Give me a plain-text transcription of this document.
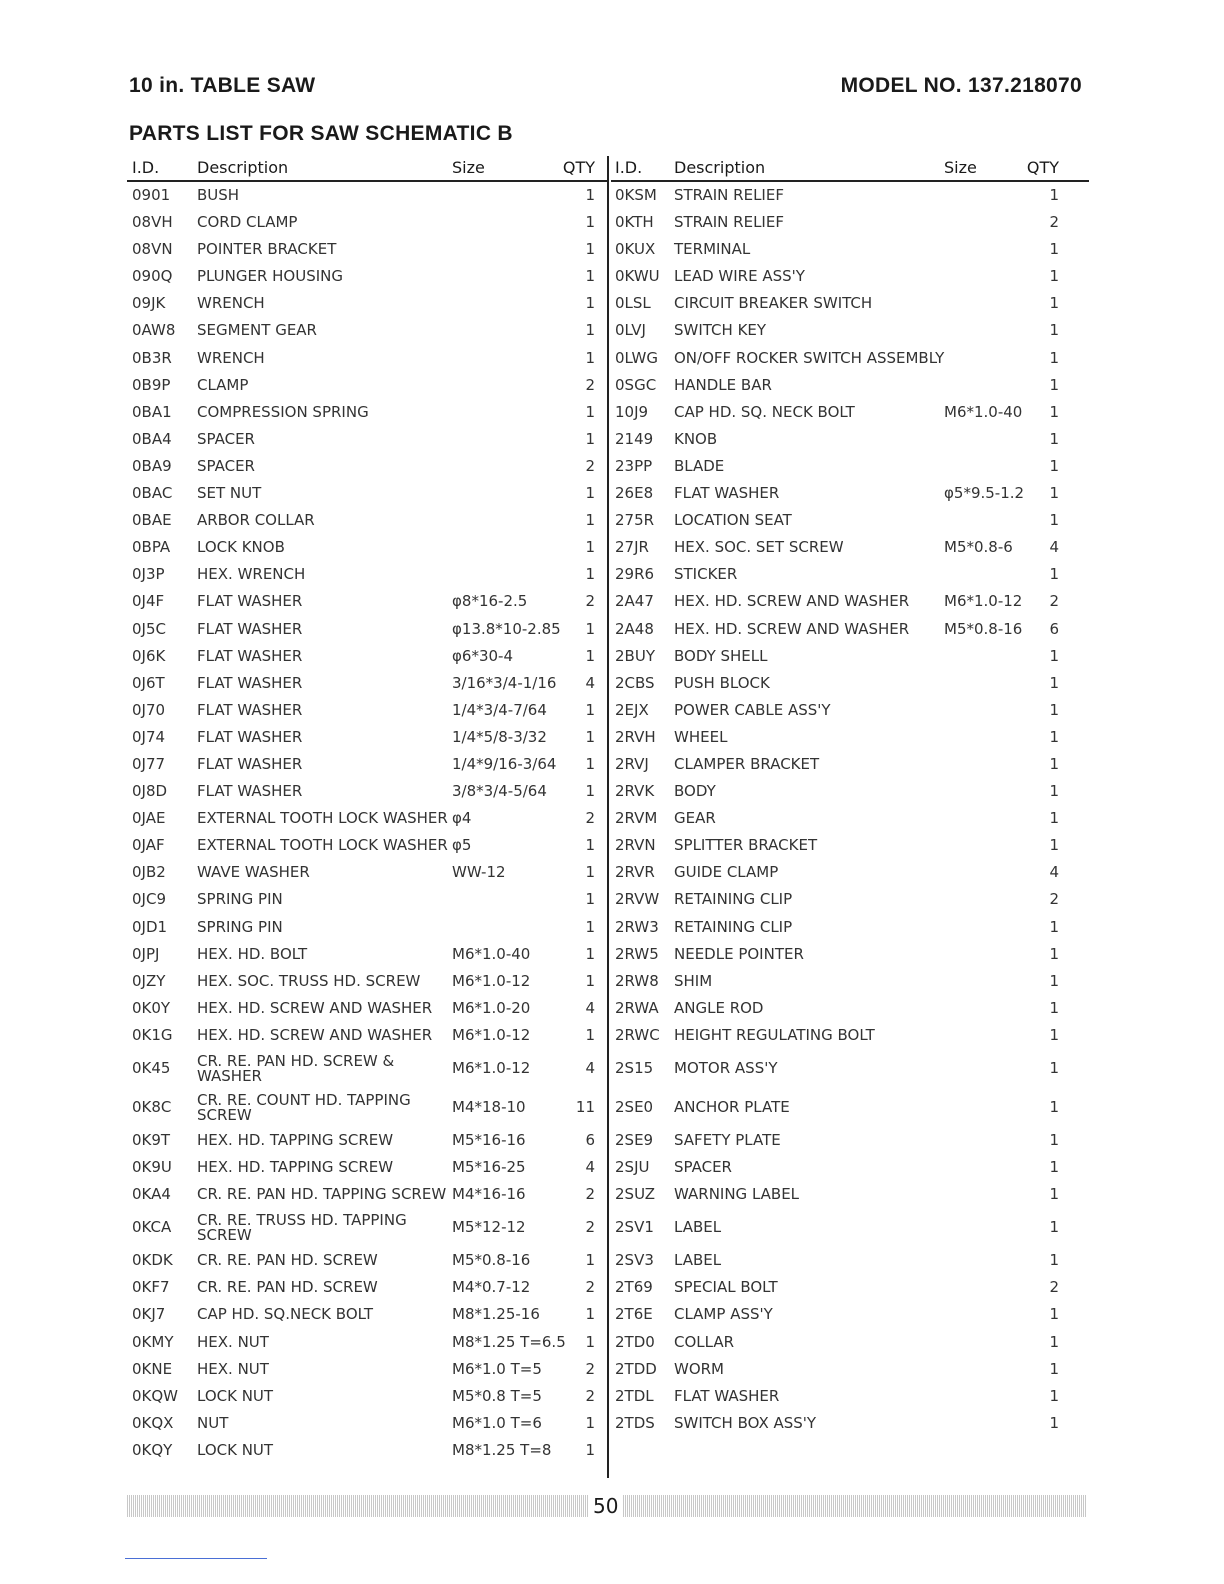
10 in. TABLE SAW	MODEL NO. 137.218070
PARTS LIST FOR SAW SCHEMATIC B
I.D. Description	Size	QTY
0901 BUSH	1
08VH CORD CLAMP	1
08VN POINTER BRACKET	1
090Q PLUNGER HOUSING	1
09JK WRENCH	1
0AW8 SEGMENT GEAR	1
0B3R WRENCH	1
0B9P CLAMP	2
0BA1 COMPRESSION SPRING	1
0BA4 SPACER	1
0BA9 SPACER	2
0BAC SET NUT	1
0BAE ARBOR COLLAR	1
0BPA LOCK KNOB	1
0J3P HEX. WRENCH	1
0J4F FLAT WASHER	φ8*16-2.5	2
0J5C FLAT WASHER	φ13.8*10-2.85 1
0J6K FLAT WASHER	φ6*30-4	1
0J6T FLAT WASHER	3/16*3/4-1/16 4
0J70 FLAT WASHER	1/4*3/4-7/64	1
0J74 FLAT WASHER	1/4*5/8-3/32	1
0J77 FLAT WASHER	1/4*9/16-3/64 1
0J8D FLAT WASHER	3/8*3/4-5/64	1
0JAE EXTERNAL TOOTH LOCK WASHER φ4	2
0JAF EXTERNAL TOOTH LOCK WASHER φ5	1
0JB2 WAVE WASHER	WW-12	1
0JC9 SPRING PIN	1
0JD1 SPRING PIN	1
0JPJ	HEX. HD. BOLT	M6*1.0-40	1
0JZY HEX. SOC. TRUSS HD. SCREW	M6*1.0-12	1
0K0Y HEX. HD. SCREW AND WASHER	M6*1.0-20	4
0K1G HEX. HD. SCREW AND WASHER	M6*1.0-12	1
0K45 CR. RE. PAN HD. SCREW & WASHER	M6*1.0-12	4
0K8C CR. RE. COUNT HD. TAPPING SCREW	M4*18-10	11
0K9T HEX. HD. TAPPING SCREW	M5*16-16	6
0K9U HEX. HD. TAPPING SCREW	M5*16-25	4
0KA4 CR. RE. PAN HD. TAPPING SCREW M4*16-16	2
0KCA CR. RE. TRUSS HD. TAPPING SCREW	M5*12-12	2
0KDK CR. RE. PAN HD. SCREW	M5*0.8-16	1
0KF7 CR. RE. PAN HD. SCREW	M4*0.7-12	2
0KJ7 CAP HD. SQ.NECK BOLT	M8*1.25-16	1
0KMY HEX. NUT	M8*1.25 T=6.5 1
0KNE HEX. NUT	M6*1.0 T=5	2
0KQW LOCK NUT	M5*0.8 T=5	2
0KQX NUT	M6*1.0 T=6	1
0KQY LOCK NUT	M8*1.25 T=8 1
I.D. Description	Size	QTY
0KSM STRAIN RELIEF	1
0KTH STRAIN RELIEF	2
0KUX TERMINAL	1
0KWU LEAD WIRE ASS'Y	1
0LSL CIRCUIT BREAKER SWITCH	1
0LVJ SWITCH KEY	1
0LWG ON/OFF ROCKER SWITCH ASSEMBLY	1
0SGC HANDLE BAR	1
10J9 CAP HD. SQ. NECK BOLT	M6*1.0-40 1
2149 KNOB	1
23PP BLADE	1
26E8 FLAT WASHER	φ5*9.5-1.2 1
275R LOCATION SEAT	1
27JR HEX. SOC. SET SCREW	M5*0.8-6 4
29R6 STICKER	1
2A47 HEX. HD. SCREW AND WASHER	M6*1.0-12 2
2A48 HEX. HD. SCREW AND WASHER	M5*0.8-16 6
2BUY BODY SHELL	1
2CBS PUSH BLOCK	1
2EJX POWER CABLE ASS'Y	1
2RVH WHEEL	1
2RVJ CLAMPER BRACKET	1
2RVK BODY	1
2RVM GEAR	1
2RVN SPLITTER BRACKET	1
2RVR GUIDE CLAMP	4
2RVW RETAINING CLIP	2
2RW3 RETAINING CLIP	1
2RW5 NEEDLE POINTER	1
2RW8 SHIM	1
2RWA ANGLE ROD	1
2RWC HEIGHT REGULATING BOLT	1
2S15 MOTOR ASS'Y	1
2SE0 ANCHOR PLATE	1
2SE9 SAFETY PLATE	1
2SJU SPACER	1
2SUZ WARNING LABEL	1
2SV1 LABEL	1
2SV3 LABEL	1
2T69 SPECIAL BOLT	2
2T6E CLAMP ASS'Y	1
2TD0 COLLAR	1
2TDD WORM	1
2TDL FLAT WASHER	1
2TDS SWITCH BOX ASS'Y	1
50
